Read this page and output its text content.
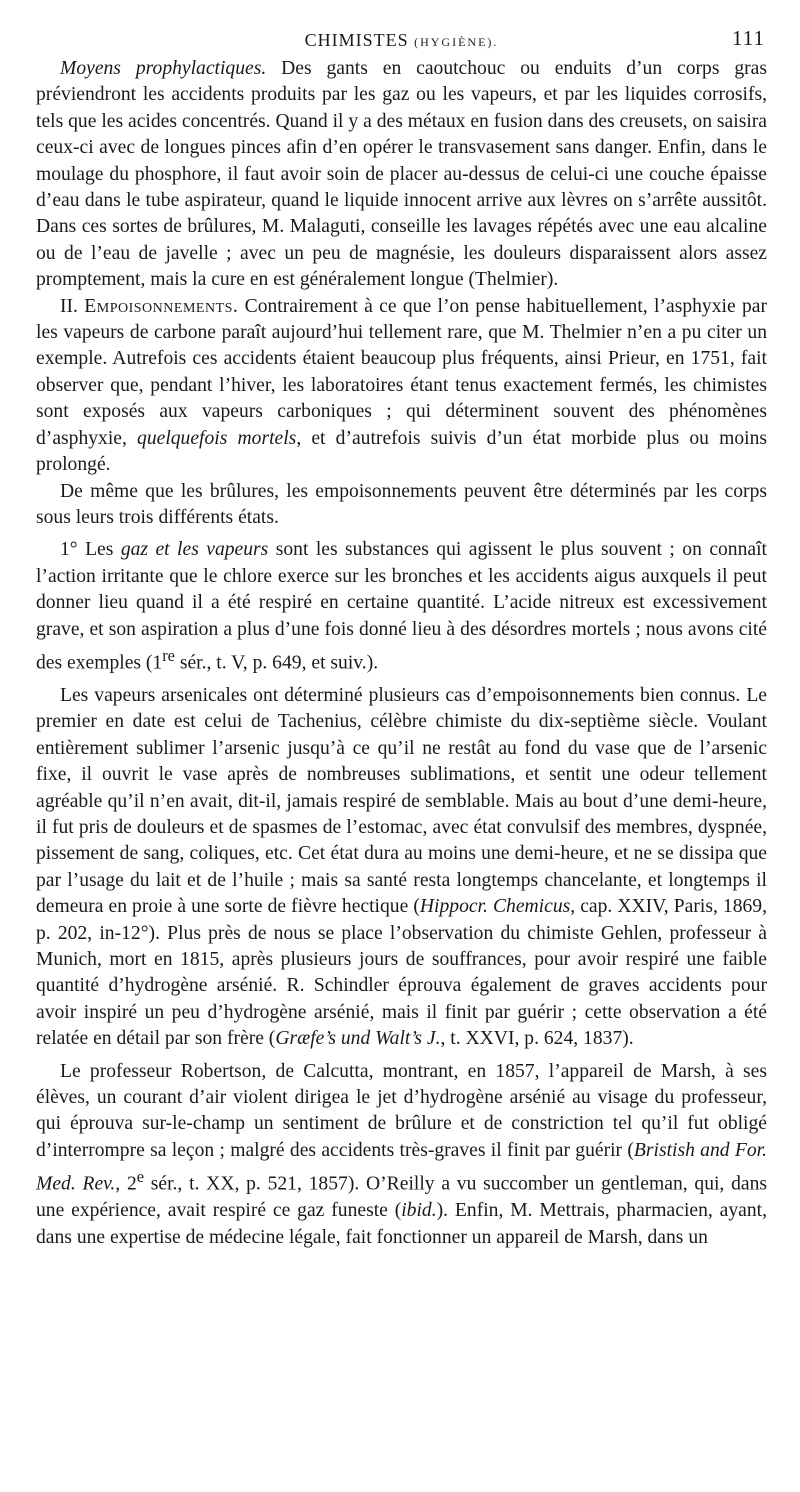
CHIMISTES (HYGIÈNE).	111

Moyens prophylactiques. Des gants en caoutchouc ou enduits d’un corps gras préviendront les accidents produits par les gaz ou les vapeurs, et par les liquides corrosifs, tels que les acides concentrés. Quand il y a des métaux en fusion dans des creusets, on saisira ceux-ci avec de longues pinces afin d’en opérer le transvasement sans danger. Enfin, dans le moulage du phosphore, il faut avoir soin de placer au-dessus de celui-ci une couche épaisse d’eau dans le tube aspirateur, quand le liquide innocent arrive aux lèvres on s’arrête aussitôt. Dans ces sortes de brûlures, M. Malaguti, conseille les lavages répétés avec une eau alcaline ou de l’eau de javelle ; avec un peu de magnésie, les douleurs disparaissent alors assez promptement, mais la cure en est généralement longue (Thelmier).

II. Empoisonnements. Contrairement à ce que l’on pense habituellement, l’asphyxie par les vapeurs de carbone paraît aujourd’hui tellement rare, que M. Thelmier n’en a pu citer un exemple. Autrefois ces accidents étaient beaucoup plus fréquents, ainsi Prieur, en 1751, fait observer que, pendant l’hiver, les laboratoires étant tenus exactement fermés, les chimistes sont exposés aux vapeurs carboniques ; qui déterminent souvent des phénomènes d’asphyxie, quelquefois mortels, et d’autrefois suivis d’un état morbide plus ou moins prolongé.

De même que les brûlures, les empoisonnements peuvent être déterminés par les corps sous leurs trois différents états.

1° Les gaz et les vapeurs sont les substances qui agissent le plus souvent ; on connaît l’action irritante que le chlore exerce sur les bronches et les accidents aigus auxquels il peut donner lieu quand il a été respiré en certaine quantité. L’acide nitreux est excessivement grave, et son aspiration a plus d’une fois donné lieu à des désordres mortels ; nous avons cité des exemples (1re sér., t. V, p. 649, et suiv.).

Les vapeurs arsenicales ont déterminé plusieurs cas d’empoisonnements bien connus. Le premier en date est celui de Tachenius, célèbre chimiste du dix-septième siècle. Voulant entièrement sublimer l’arsenic jusqu’à ce qu’il ne restât au fond du vase que de l’arsenic fixe, il ouvrit le vase après de nombreuses sublimations, et sentit une odeur tellement agréable qu’il n’en avait, dit-il, jamais respiré de semblable. Mais au bout d’une demi-heure, il fut pris de douleurs et de spasmes de l’estomac, avec état convulsif des membres, dyspnée, pissement de sang, coliques, etc. Cet état dura au moins une demi-heure, et ne se dissipa que par l’usage du lait et de l’huile ; mais sa santé resta longtemps chancelante, et longtemps il demeura en proie à une sorte de fièvre hectique (Hippocr. Chemicus, cap. XXIV, Paris, 1869, p. 202, in-12°). Plus près de nous se place l’observation du chimiste Gehlen, professeur à Munich, mort en 1815, après plusieurs jours de souffrances, pour avoir respiré une faible quantité d’hydrogène arsénié. R. Schindler éprouva également de graves accidents pour avoir inspiré un peu d’hydrogène arsénié, mais il finit par guérir ; cette observation a été relatée en détail par son frère (Græfe’s und Walt’s J., t. XXVI, p. 624, 1837).

Le professeur Robertson, de Calcutta, montrant, en 1857, l’appareil de Marsh, à ses élèves, un courant d’air violent dirigea le jet d’hydrogène arsénié au visage du professeur, qui éprouva sur-le-champ un sentiment de brûlure et de constriction tel qu’il fut obligé d’interrompre sa leçon ; malgré des accidents très-graves il finit par guérir (Bristish and For. Med. Rev., 2e sér., t. XX, p. 521, 1857). O’Reilly a vu succomber un gentleman, qui, dans une expérience, avait respiré ce gaz funeste (ibid.). Enfin, M. Mettrais, pharmacien, ayant, dans une expertise de médecine légale, fait fonctionner un appareil de Marsh, dans un
